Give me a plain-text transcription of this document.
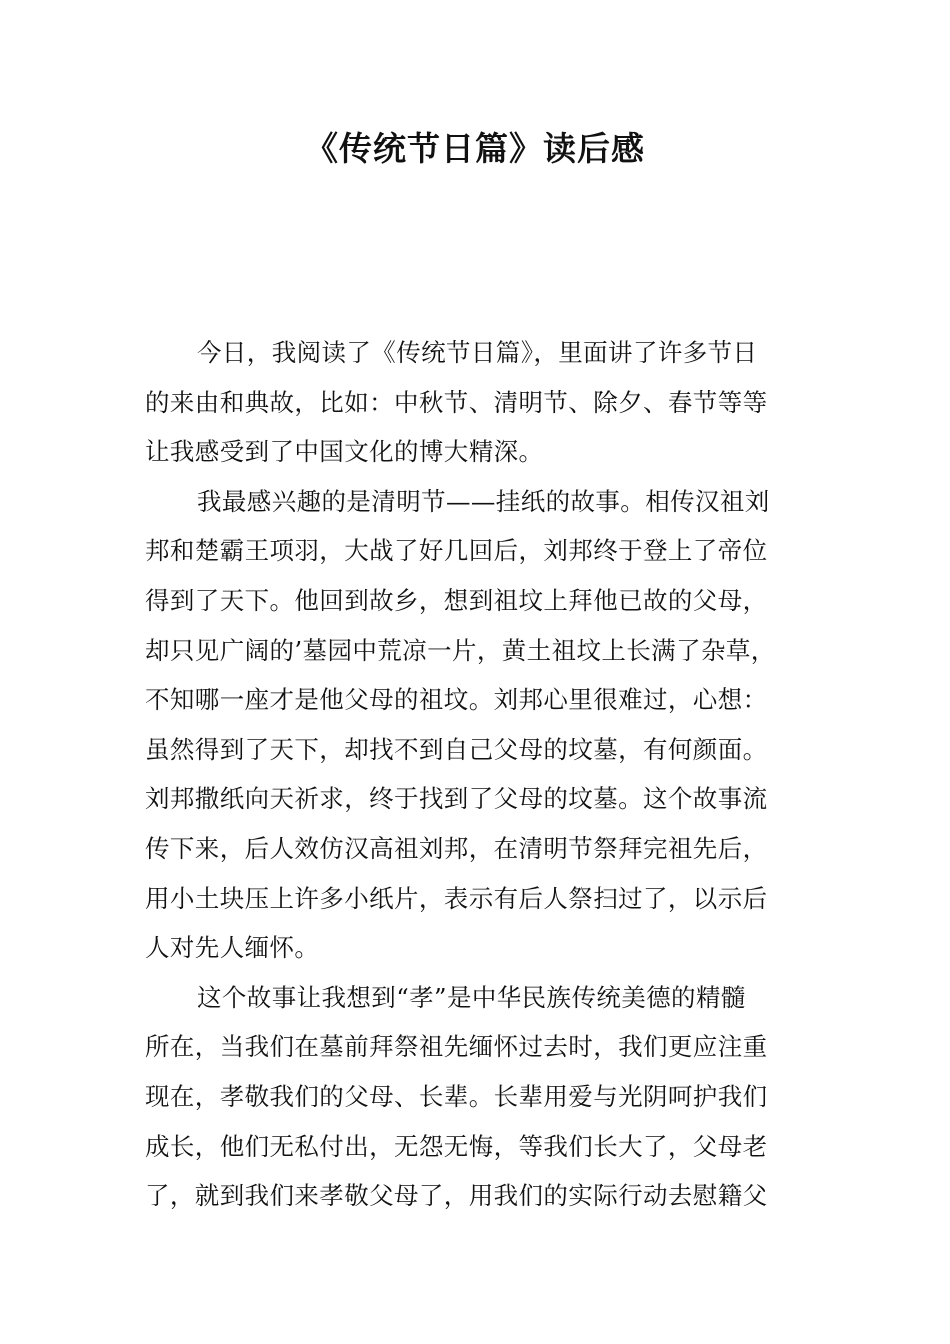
《传统节日篇》读后感
今日，我阅读了《传统节日篇》，里面讲了许多节日
的来由和典故，比如：中秋节、清明节、除夕、春节等等
让我感受到了中国文化的博大精深。
我最感兴趣的是清明节——挂纸的故事。相传汉祖刘
邦和楚霸王项羽，大战了好几回后，刘邦终于登上了帝位
得到了天下。他回到故乡，想到祖坟上拜他已故的父母，
却只见广阔的’墓园中荒凉一片，黄土祖坟上长满了杂草，
不知哪一座才是他父母的祖坟。刘邦心里很难过，心想：
虽然得到了天下，却找不到自己父母的坟墓，有何颜面。
刘邦撒纸向天祈求，终于找到了父母的坟墓。这个故事流
传下来，后人效仿汉高祖刘邦，在清明节祭拜完祖先后，
用小土块压上许多小纸片，表示有后人祭扫过了，以示后
人对先人缅怀。
这个故事让我想到“孝”是中华民族传统美德的精髓
所在，当我们在墓前拜祭祖先缅怀过去时，我们更应注重
现在，孝敬我们的父母、长辈。长辈用爱与光阴呵护我们
成长，他们无私付出，无怨无悔，等我们长大了，父母老
了，就到我们来孝敬父母了，用我们的实际行动去慰籍父
